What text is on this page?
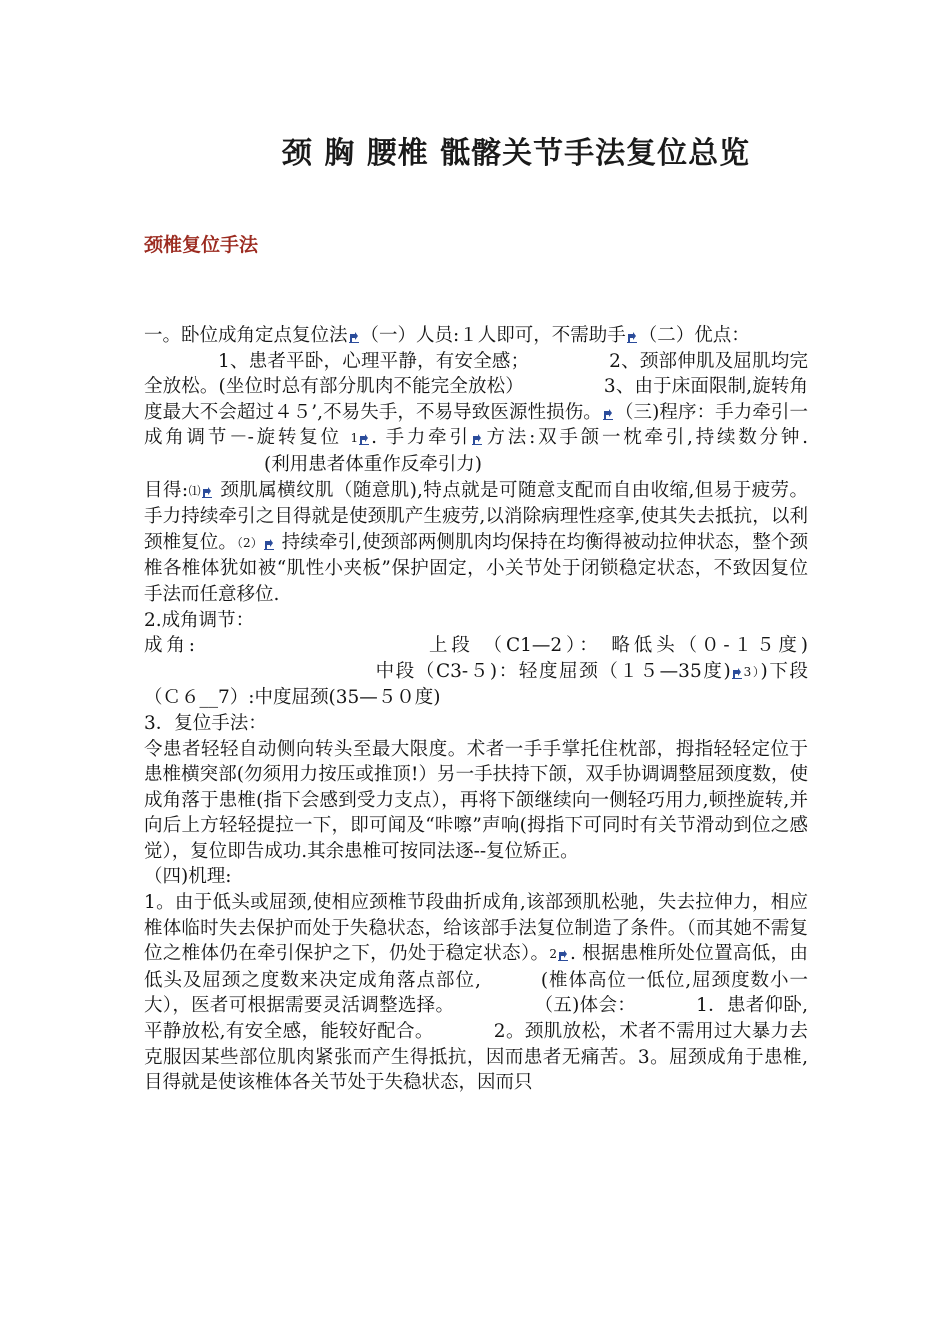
颈 胸 腰椎 骶髂关节手法复位总览
颈椎复位手法

一。卧位成角定点复位法 （一）人员:１人即可，不需助手 （二）优点：

1、患者平卧，心理平静，有安全感；	2、颈部伸肌及屈肌均完全放松。(坐位时总有部分肌肉不能完全放松）	3、由于床面限制,旋转角度最大不会超过４５’,不易失手，不易导致医源性损伤。 （三)程序：手力牵引一成角调节－-旋转复位 1 . 手力牵引 方法:双手颌一枕牵引,持续数分钟.(利用患者体重作反牵引力)

目得:⑴ 颈肌属横纹肌（随意肌),特点就是可随意支配而自由收缩,但易于疲劳。手力持续牵引之目得就是使颈肌产生疲劳,以消除病理性痉挛,使其失去抵抗，以利颈椎复位。（2） 持续牵引,使颈部两侧肌肉均保持在均衡得被动拉伸状态，整个颈椎各椎体犹如被“肌性小夹板”保护固定，小关节处于闭锁稳定状态，不致因复位手法而任意移位.

2.成角调节：

成角:	上段 （C1—2）： 略低头（０-１５度)中段（C3-５)：轻度屈颈（１５—35度) 3）)下段（Ｃ６__7）:中度屈颈(35—５０度)

3．复位手法：

令患者轻轻自动侧向转头至最大限度。术者一手手掌托住枕部，拇指轻轻定位于患椎横突部(勿须用力按压或推顶!）另一手扶持下颌，双手协调调整屈颈度数，使成角落于患椎(指下会感到受力支点），再将下颌继续向一侧轻巧用力,顿挫旋转,并向后上方轻轻提拉一下，即可闻及“咔嚓”声响(拇指下可同时有关节滑动到位之感觉），复位即告成功.其余患椎可按同法逐--复位矫正。

（四)机理:

1。由于低头或屈颈,使相应颈椎节段曲折成角,该部颈肌松驰，失去拉伸力，相应椎体临时失去保护而处于失稳状态，给该部手法复位制造了条件。（而其她不需复位之椎体仍在牵引保护之下，仍处于稳定状态）。2 . 根据患椎所处位置高低，由低头及屈颈之度数来决定成角落点部位,	(椎体高位一低位,屈颈度数小一大），医者可根据需要灵活调整选择。	（五)体会：	1．患者仰卧,平静放松,有安全感，能较好配合。	2。颈肌放松，术者不需用过大暴力去克服因某些部位肌肉紧张而产生得抵抗，因而患者无痛苦。3。屈颈成角于患椎,目得就是使该椎体各关节处于失稳状态，因而只
